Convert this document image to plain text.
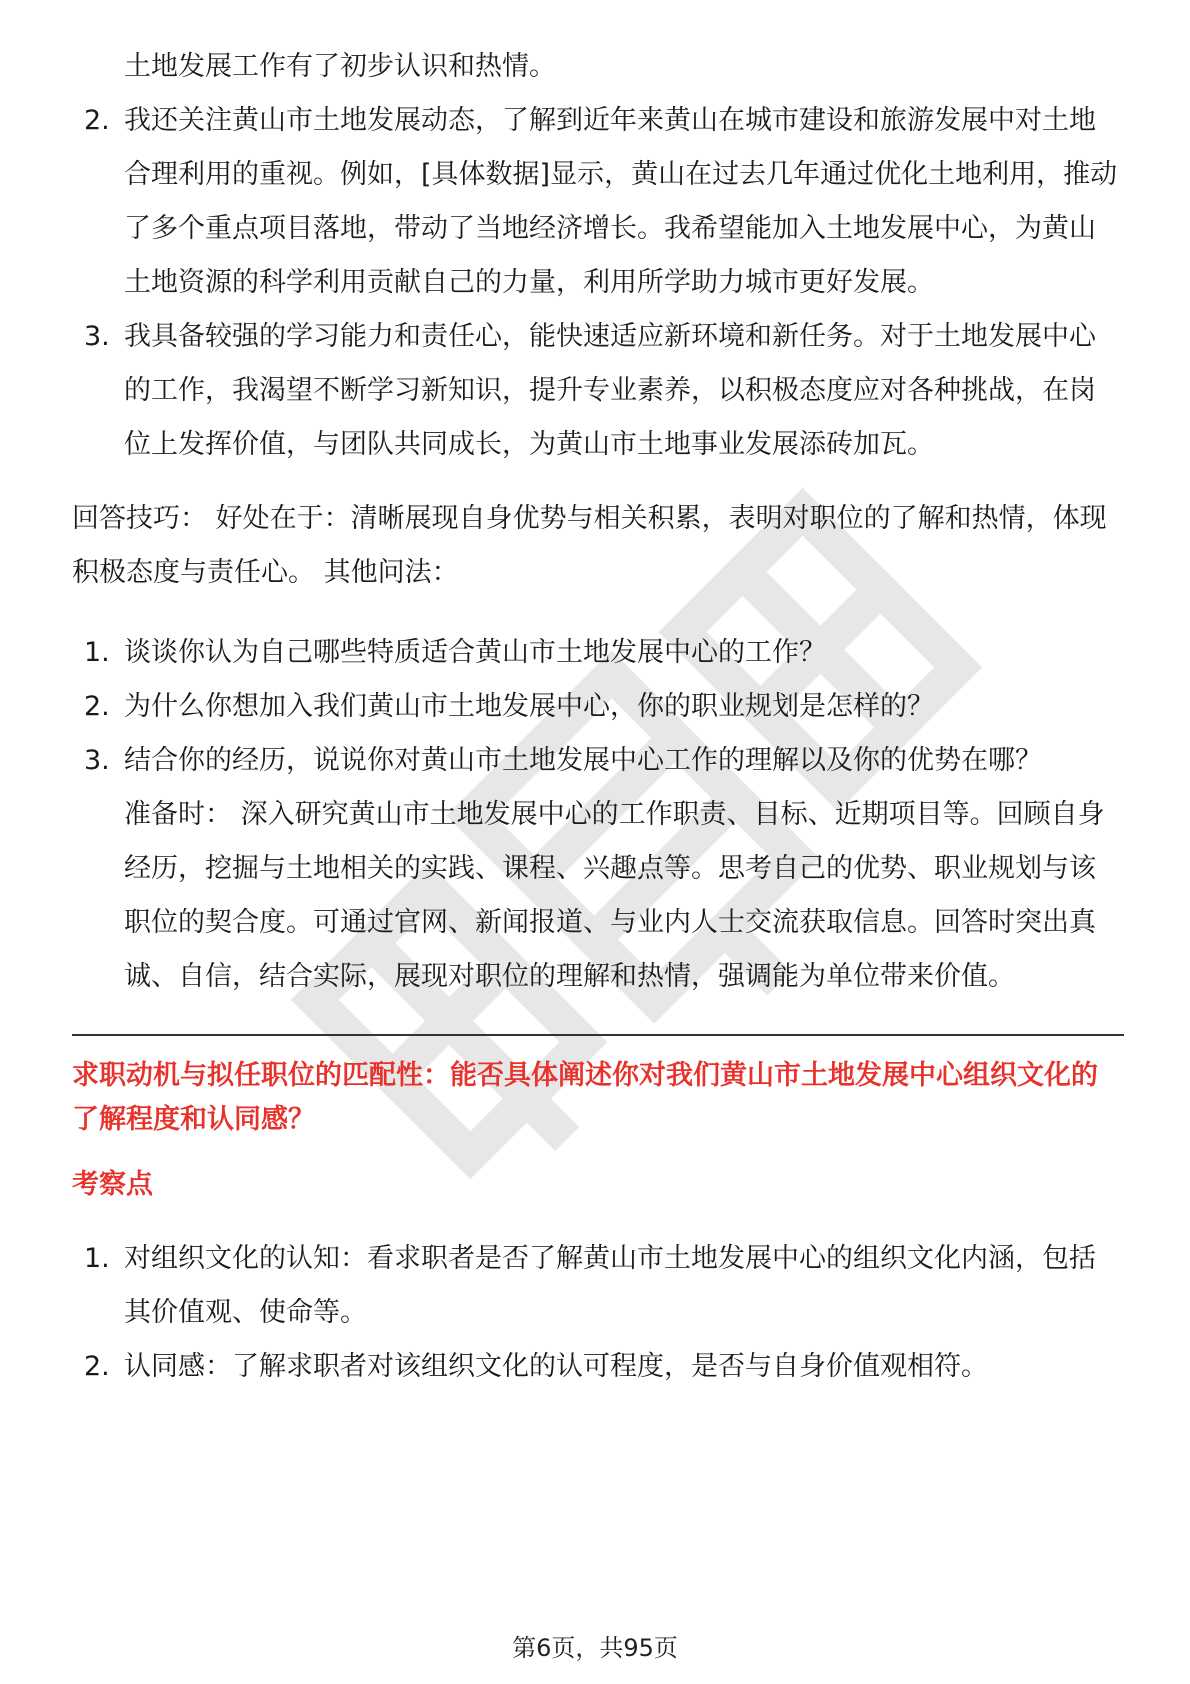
土地发展工作有了初步认识和热情。
2. 我还关注黄山市土地发展动态，了解到近年来黄山在城市建设和旅游发展中对土地合理利用的重视。例如，[具体数据]显示，黄山在过去几年通过优化土地利用，推动了多个重点项目落地，带动了当地经济增长。我希望能加入土地发展中心，为黄山土地资源的科学利用贡献自己的力量，利用所学助力城市更好发展。
3. 我具备较强的学习能力和责任心，能快速适应新环境和新任务。对于土地发展中心的工作，我渴望不断学习新知识，提升专业素养，以积极态度应对各种挑战，在岗位上发挥价值，与团队共同成长，为黄山市土地事业发展添砖加瓦。
回答技巧： 好处在于：清晰展现自身优势与相关积累，表明对职位的了解和热情，体现积极态度与责任心。 其他问法：
1. 谈谈你认为自己哪些特质适合黄山市土地发展中心的工作？
2. 为什么你想加入我们黄山市土地发展中心，你的职业规划是怎样的？
3. 结合你的经历，说说你对黄山市土地发展中心工作的理解以及你的优势在哪？
准备时： 深入研究黄山市土地发展中心的工作职责、目标、近期项目等。回顾自身经历，挖掘与土地相关的实践、课程、兴趣点等。思考自己的优势、职业规划与该职位的契合度。可通过官网、新闻报道、与业内人士交流获取信息。回答时突出真诚、自信，结合实际，展现对职位的理解和热情，强调能为单位带来价值。
求职动机与拟任职位的匹配性：能否具体阐述你对我们黄山市土地发展中心组织文化的了解程度和认同感？
考察点
1. 对组织文化的认知：看求职者是否了解黄山市土地发展中心的组织文化内涵，包括其价值观、使命等。
2. 认同感：了解求职者对该组织文化的认可程度，是否与自身价值观相符。
第6页，共95页
